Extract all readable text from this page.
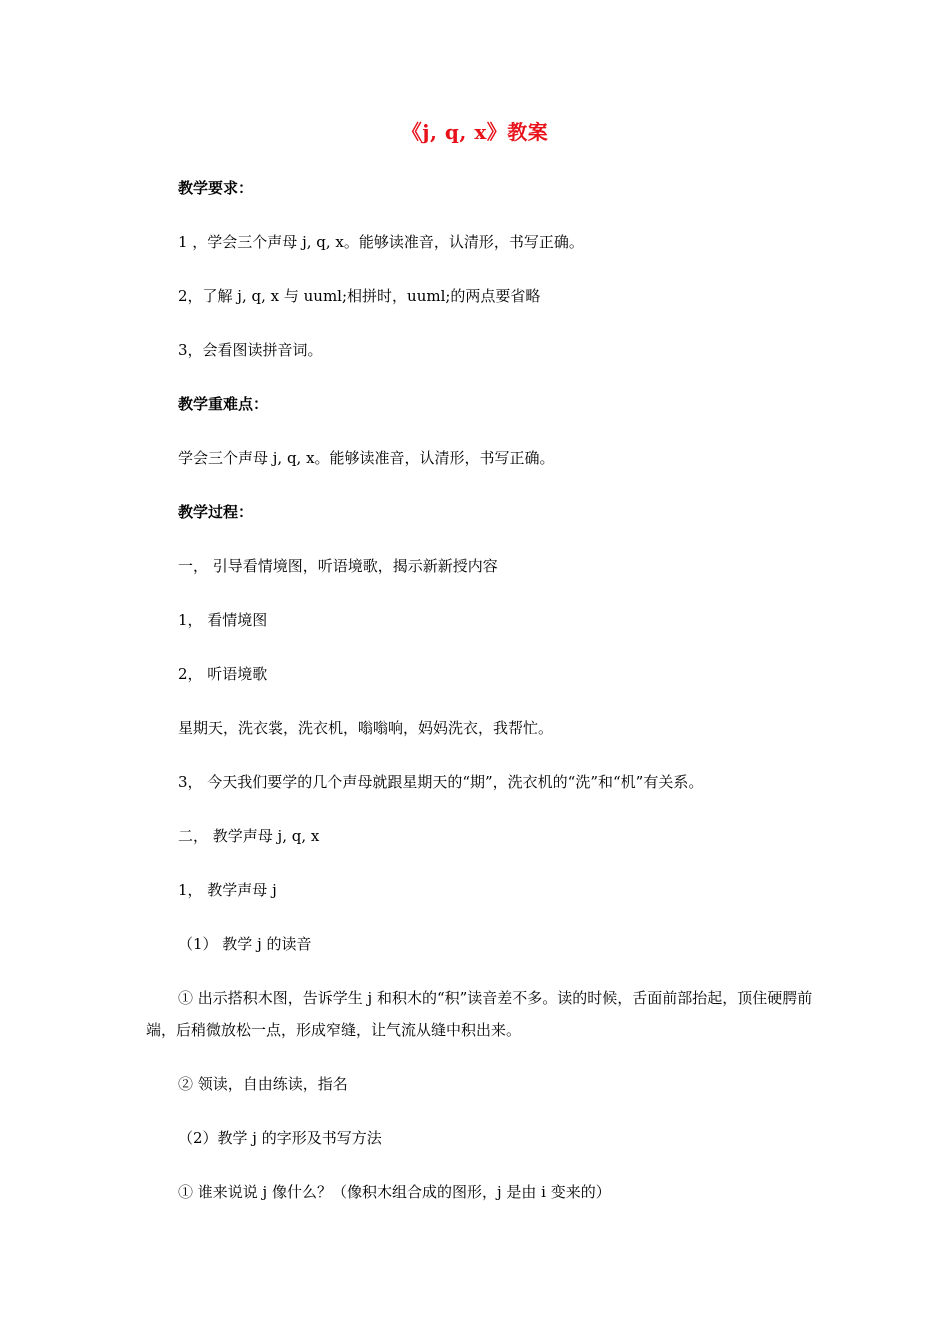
《j, q, x》教案
教学要求：
1 ，学会三个声母 j, q, x。能够读准音，认清形，书写正确。
2，了解 j, q, x 与 uuml;相拼时，uuml;的两点要省略
3，会看图读拼音词。
教学重难点：
学会三个声母 j, q, x。能够读准音，认清形，书写正确。
教学过程：
一， 引导看情境图，听语境歌，揭示新新授内容
1， 看情境图
2， 听语境歌
星期天，洗衣裳，洗衣机，嗡嗡响，妈妈洗衣，我帮忙。
3， 今天我们要学的几个声母就跟星期天的“期”，洗衣机的“洗”和“机”有关系。
二， 教学声母 j, q, x
1， 教学声母 j
（1） 教学 j 的读音
① 出示搭积木图，告诉学生 j 和积木的“积”读音差不多。读的时候，舌面前部抬起，顶住硬腭前端，后稍微放松一点，形成窄缝，让气流从缝中积出来。
② 领读，自由练读，指名
（2）教学 j 的字形及书写方法
① 谁来说说 j 像什么？（像积木组合成的图形，j 是由 i 变来的）
